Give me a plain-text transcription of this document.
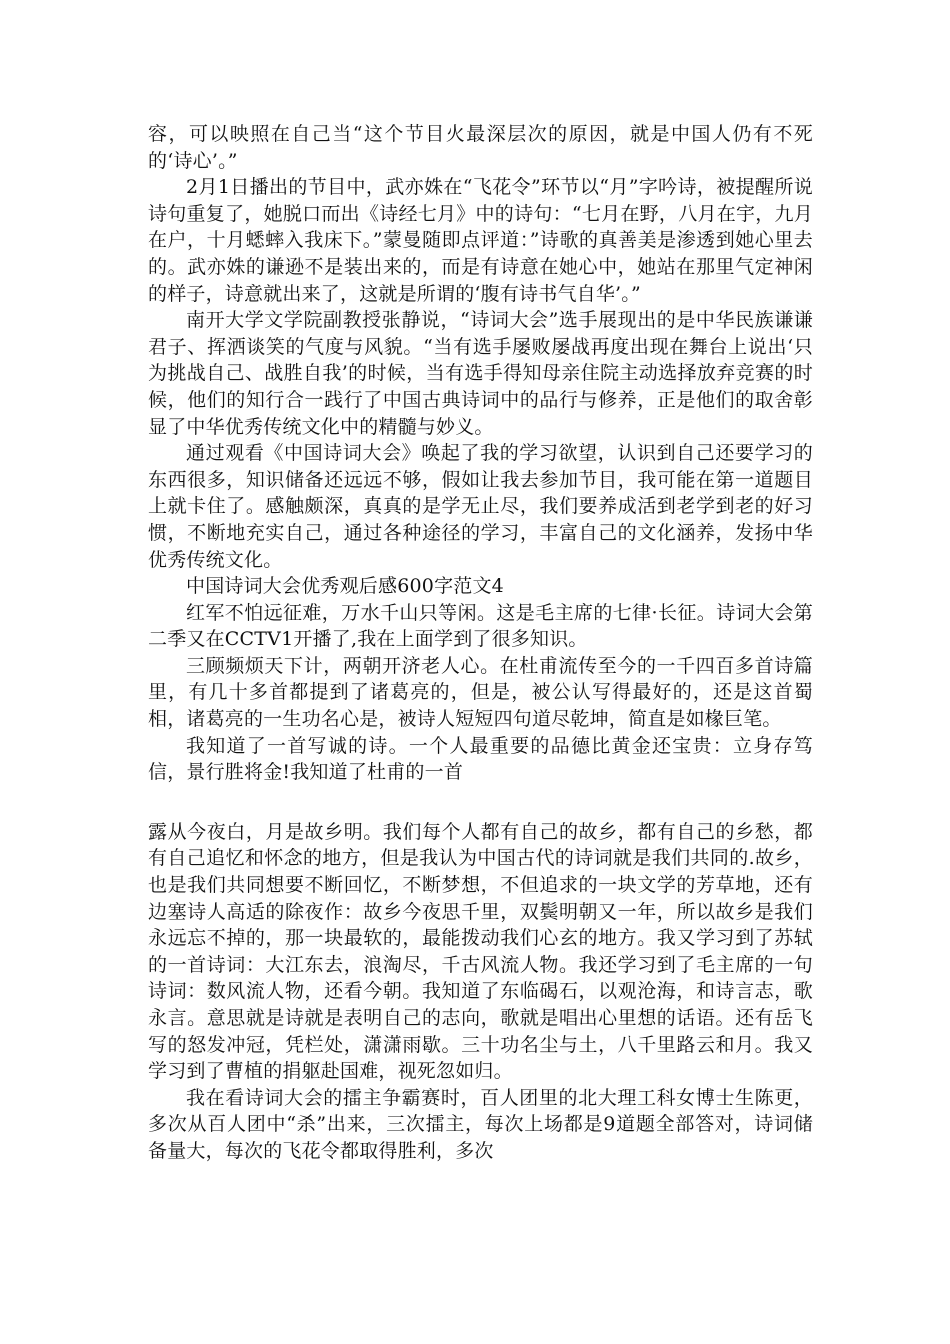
容，可以映照在自己当“这个节目火最深层次的原因，就是中国人仍有不死的‘诗心’。”

2月1日播出的节目中，武亦姝在“飞花令”环节以“月”字吟诗，被提醒所说诗句重复了，她脱口而出《诗经七月》中的诗句：“七月在野，八月在宇，九月在户，十月蟋蟀入我床下。”蒙曼随即点评道：”诗歌的真善美是渗透到她心里去的。武亦姝的谦逊不是装出来的，而是有诗意在她心中，她站在那里气定神闲的样子，诗意就出来了，这就是所谓的‘腹有诗书气自华’。”

南开大学文学院副教授张静说，“诗词大会”选手展现出的是中华民族谦谦君子、挥洒谈笑的气度与风貌。“当有选手屡败屡战再度出现在舞台上说出‘只为挑战自己、战胜自我’的时候，当有选手得知母亲住院主动选择放弃竞赛的时候，他们的知行合一践行了中国古典诗词中的品行与修养，正是他们的取舍彰显了中华优秀传统文化中的精髓与妙义。

通过观看《中国诗词大会》唤起了我的学习欲望，认识到自己还要学习的东西很多，知识储备还远远不够，假如让我去参加节目，我可能在第一道题目上就卡住了。感触颇深，真真的是学无止尽，我们要养成活到老学到老的好习惯，不断地充实自己，通过各种途径的学习，丰富自己的文化涵养，发扬中华优秀传统文化。

中国诗词大会优秀观后感600字范文4

红军不怕远征难，万水千山只等闲。这是毛主席的七律·长征。诗词大会第二季又在CCTV1开播了,我在上面学到了很多知识。

三顾频烦天下计，两朝开济老人心。在杜甫流传至今的一千四百多首诗篇里，有几十多首都提到了诸葛亮的，但是，被公认写得最好的，还是这首蜀相，诸葛亮的一生功名心是，被诗人短短四句道尽乾坤，简直是如椽巨笔。

我知道了一首写诚的诗。一个人最重要的品德比黄金还宝贵：立身存笃信，景行胜将金!我知道了杜甫的一首

露从今夜白，月是故乡明。我们每个人都有自己的故乡，都有自己的乡愁，都有自己追忆和怀念的地方，但是我认为中国古代的诗词就是我们共同的.故乡，也是我们共同想要不断回忆，不断梦想，不但追求的一块文学的芳草地，还有边塞诗人高适的除夜作：故乡今夜思千里，双鬓明朝又一年，所以故乡是我们永远忘不掉的，那一块最软的，最能拨动我们心玄的地方。我又学习到了苏轼的一首诗词：大江东去，浪淘尽，千古风流人物。我还学习到了毛主席的一句诗词：数风流人物，还看今朝。我知道了东临碣石，以观沧海，和诗言志，歌永言。意思就是诗就是表明自己的志向，歌就是唱出心里想的话语。还有岳飞写的怒发冲冠，凭栏处，潇潇雨歇。三十功名尘与土，八千里路云和月。我又学习到了曹植的捐躯赴国难，视死忽如归。

我在看诗词大会的擂主争霸赛时，百人团里的北大理工科女博士生陈更，多次从百人团中“杀”出来，三次擂主，每次上场都是9道题全部答对，诗词储备量大，每次的飞花令都取得胜利，多次
